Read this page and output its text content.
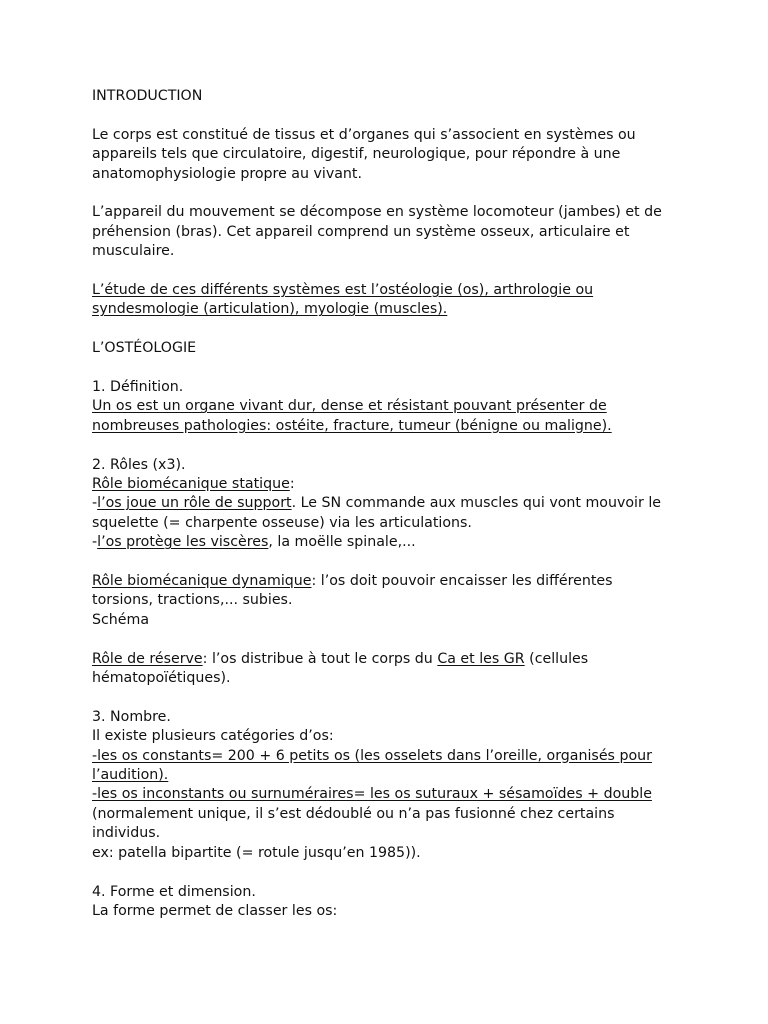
INTRODUCTION

Le corps est constitué de tissus et d’organes qui s’associent en systèmes ou
appareils tels que circulatoire, digestif, neurologique, pour répondre à une
anatomophysiologie propre au vivant.

L’appareil du mouvement se décompose en système locomoteur (jambes) et de
préhension (bras). Cet appareil comprend un système osseux, articulaire et
musculaire.

L’étude de ces différents systèmes est l’ostéologie (os), arthrologie ou
syndesmologie (articulation), myologie (muscles).

L’OSTÉOLOGIE

1. Définition.
Un os est un organe vivant dur, dense et résistant pouvant présenter de
nombreuses pathologies: ostéite, fracture, tumeur (bénigne ou maligne).

2. Rôles (x3).
Rôle biomécanique statique:
-l’os joue un rôle de support. Le SN commande aux muscles qui vont mouvoir le
squelette (= charpente osseuse) via les articulations.
-l’os protège les viscères, la moëlle spinale,...

Rôle biomécanique dynamique: l’os doit pouvoir encaisser les différentes
torsions, tractions,... subies.
Schéma

Rôle de réserve: l’os distribue à tout le corps du Ca et les GR (cellules
hématopoïétiques).

3. Nombre.
Il existe plusieurs catégories d’os:
-les os constants= 200 + 6 petits os (les osselets dans l’oreille, organisés pour
l’audition).
-les os inconstants ou surnuméraires= les os suturaux + sésamoïdes + double
(normalement unique, il s’est dédoublé ou n’a pas fusionné chez certains
individus.
ex: patella bipartite (= rotule jusqu’en 1985)).

4. Forme et dimension.
La forme permet de classer les os:
